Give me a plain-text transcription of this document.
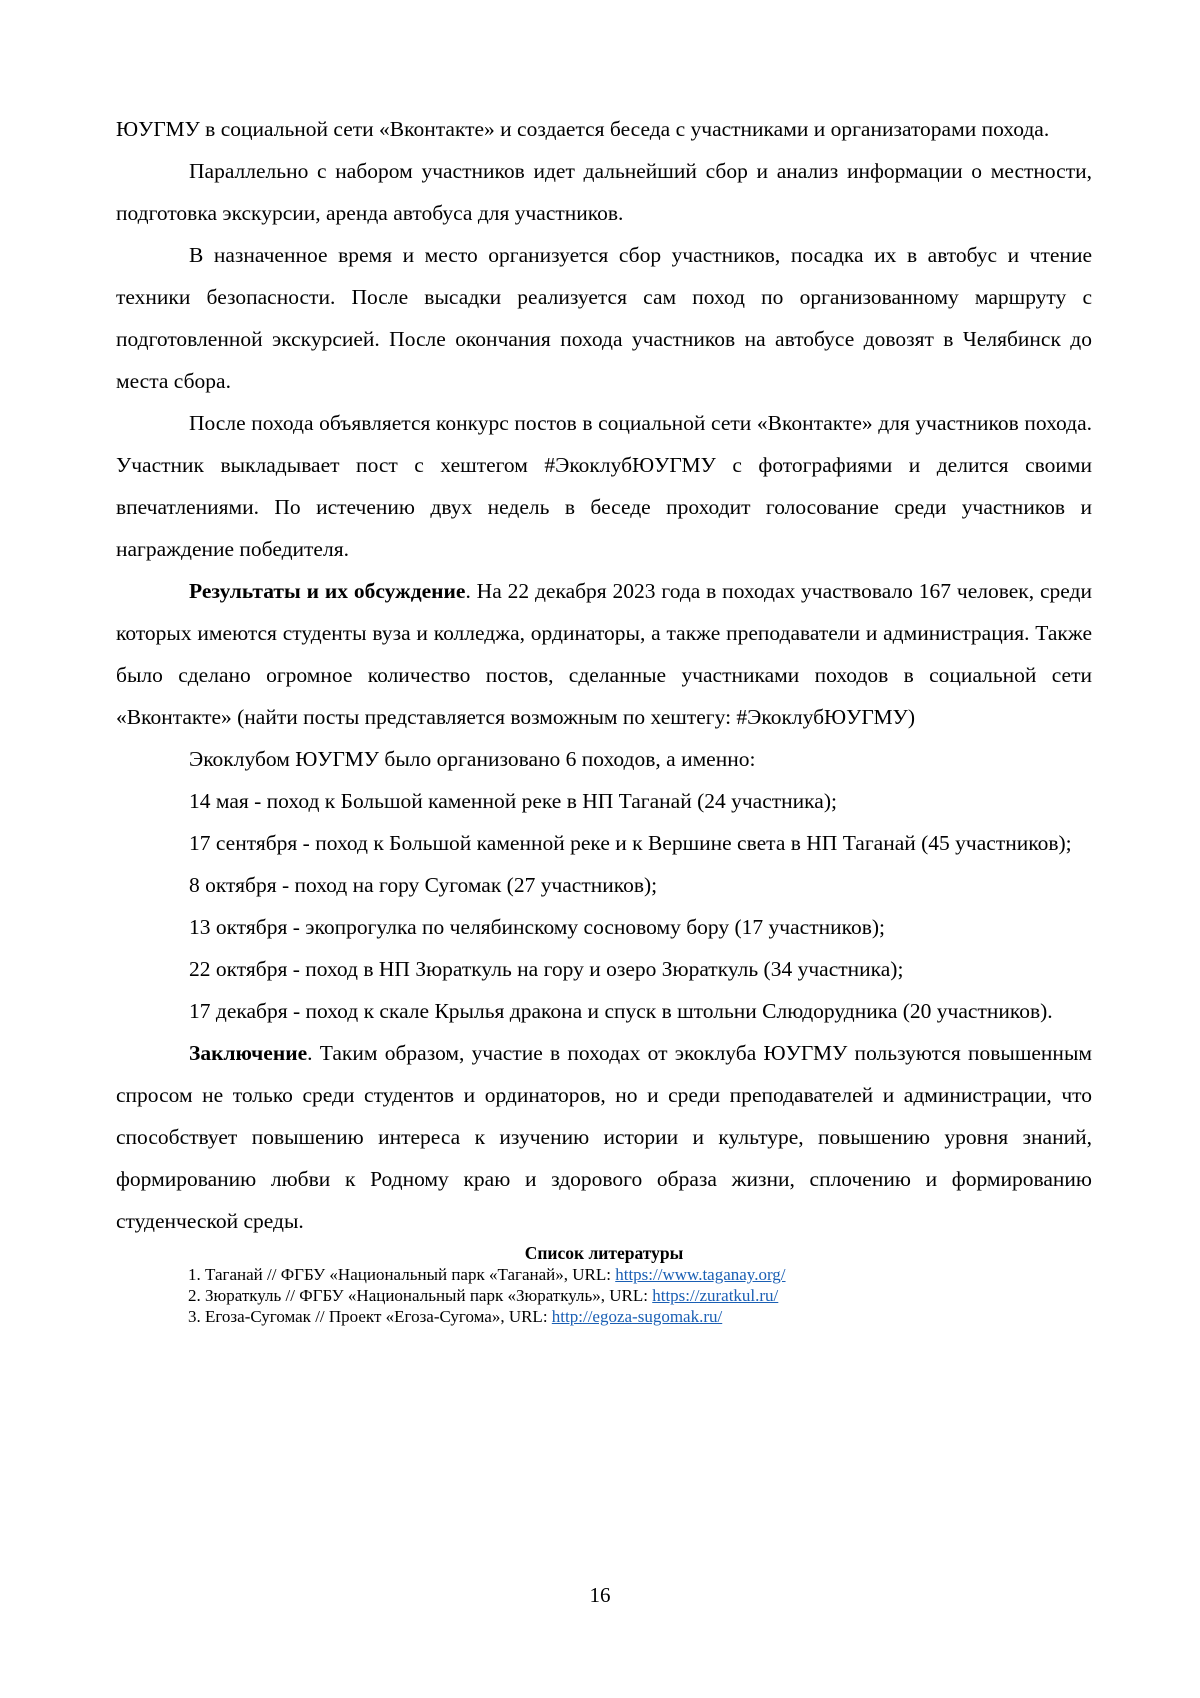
ЮУГМУ в социальной сети «Вконтакте» и создается беседа с участниками и организаторами похода.

Параллельно с набором участников идет дальнейший сбор и анализ информации о местности, подготовка экскурсии, аренда автобуса для участников.

В назначенное время и место организуется сбор участников, посадка их в автобус и чтение техники безопасности. После высадки реализуется сам поход по организованному маршруту с подготовленной экскурсией. После окончания похода участников на автобусе довозят в Челябинск до места сбора.

После похода объявляется конкурс постов в социальной сети «Вконтакте» для участников похода. Участник выкладывает пост с хештегом #ЭкоклубЮУГМУ с фотографиями и делится своими впечатлениями. По истечению двух недель в беседе проходит голосование среди участников и награждение победителя.

Результаты и их обсуждение. На 22 декабря 2023 года в походах участвовало 167 человек, среди которых имеются студенты вуза и колледжа, ординаторы, а также преподаватели и администрация. Также было сделано огромное количество постов, сделанные участниками походов в социальной сети «Вконтакте» (найти посты представляется возможным по хештегу: #ЭкоклубЮУГМУ)

Экоклубом ЮУГМУ было организовано 6 походов, а именно:

14 мая - поход к Большой каменной реке в НП Таганай (24 участника);

17 сентября - поход к Большой каменной реке и к Вершине света в НП Таганай (45 участников);

8 октября - поход на гору Сугомак (27 участников);

13 октября - экопрогулка по челябинскому сосновому бору (17 участников);

22 октября - поход в НП Зюраткуль на гору и озеро Зюраткуль (34 участника);

17 декабря - поход к скале Крылья дракона и спуск в штольни Слюдорудника (20 участников).

Заключение. Таким образом, участие в походах от экоклуба ЮУГМУ пользуются повышенным спросом не только среди студентов и ординаторов, но и среди преподавателей и администрации, что способствует повышению интереса к изучению истории и культуре, повышению уровня знаний, формированию любви к Родному краю и здорового образа жизни, сплочению и формированию студенческой среды.

Список литературы

1. Таганай // ФГБУ «Национальный парк «Таганай», URL: https://www.taganay.org/

2. Зюраткуль // ФГБУ «Национальный парк «Зюраткуль», URL: https://zuratkul.ru/

3. Егоза-Сугомак // Проект «Егоза-Сугома», URL: http://egoza-sugomak.ru/

16
